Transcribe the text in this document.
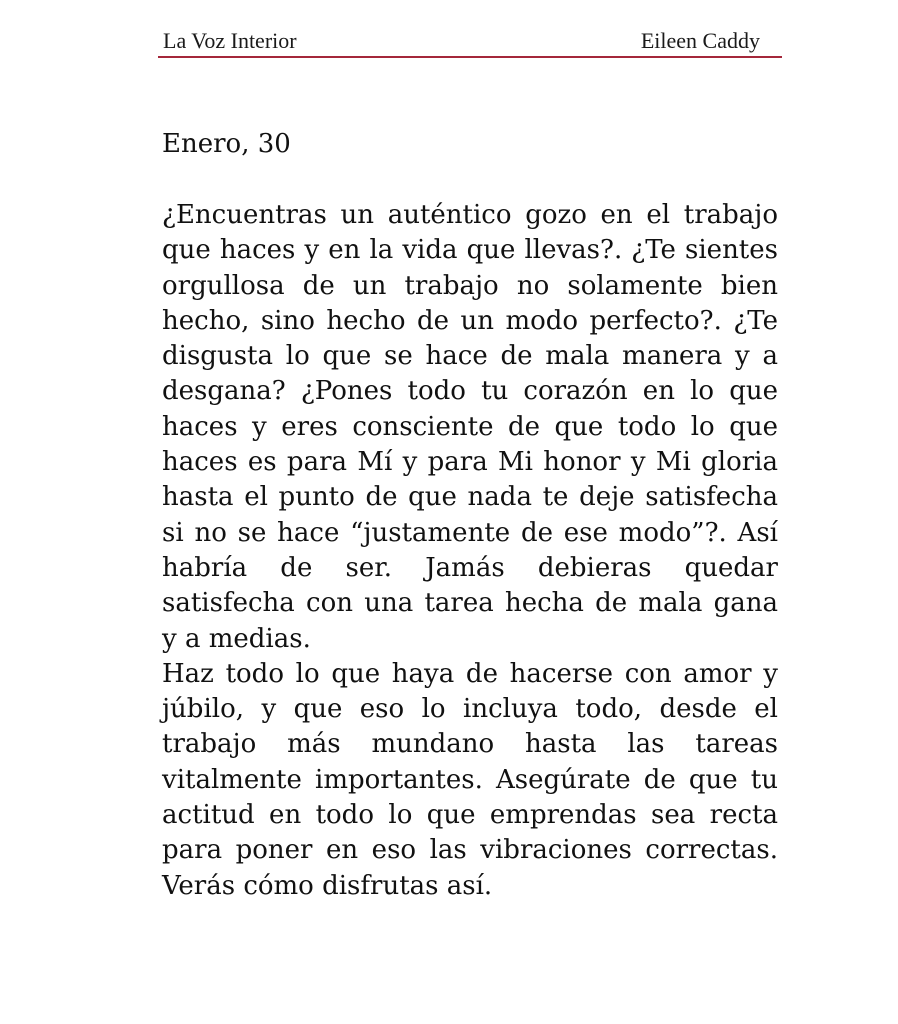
La Voz Interior	Eileen Caddy
Enero, 30

¿Encuentras un auténtico gozo en el trabajo que haces y en la vida que llevas?. ¿Te sientes orgullosa de un trabajo no solamente bien hecho, sino hecho de un modo perfecto?. ¿Te disgusta lo que se hace de mala manera y a desgana? ¿Pones todo tu corazón en lo que haces y eres consciente de que todo lo que haces es para Mí y para Mi honor y Mi gloria hasta el punto de que nada te deje satisfecha si no se hace “justamente de ese modo”?. Así habría de ser. Jamás debieras quedar satisfecha con una tarea hecha de mala gana y a medias.

Haz todo lo que haya de hacerse con amor y júbilo, y que eso lo incluya todo, desde el trabajo más mundano hasta las tareas vitalmente importantes. Asegúrate de que tu actitud en todo lo que emprendas sea recta para poner en eso las vibraciones correctas. Verás cómo disfrutas así.
